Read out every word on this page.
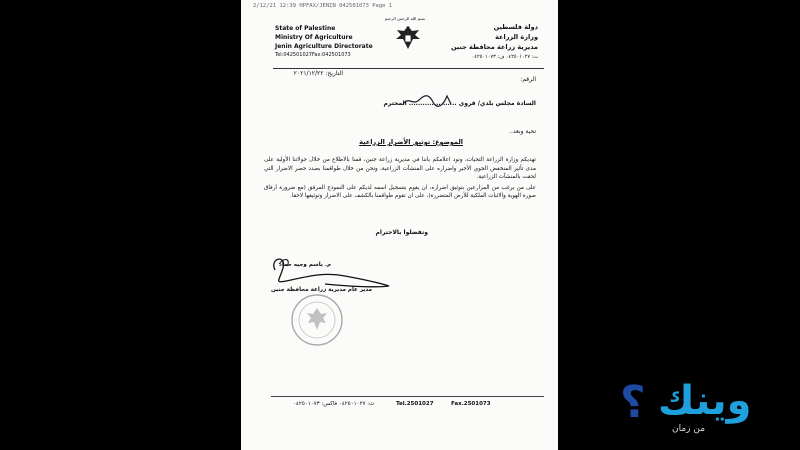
2/12/21 12:39 HPFAX/JENIN 042501073 Page 1
State of Palestine
Ministry Of Agriculture
Jenin Agriculture Directorate
Tel:042501027Fax:042501073
بسم الله الرحمن الرحيم
دولة فلسطين
وزارة الزراعة
مديرية زراعة محافظة جنين
ت: ٠٤٢٥٠١٠٢٧ ف: ٠٤٢٥٠١٠٧٣
الرقم:
التاريخ: ٢٠٢١/١٢/٢٢
السادة مجلس بلدي/ قروي ..................... المحترم
تحية وبعد..
الموضوع: توثيق الأضرار الزراعية

تهديكم وزارة الزراعة التحيات، ونود اعلامكم باننا في مديرية زراعة جنين، قمنا بالاطلاع من خلال جولاتنا الأولية على مدى تأثير المنخفض الجوي الأخير واضراره على المنشآت الزراعية، ونحن من خلال طواقمنا بصدد حصر الاضرار التي لحقت بالمنشآت الزراعية.

على من يرغب من المزارعين بتوثيق اضراره، ان يقوم بتسجيل اسمه لديكم على النموذج المرفق (مع ضرورة ارفاق صورة الهوية والاثبات الملكية للأرض المتضررة)، على ان تقوم طواقمنا بالكشف على الاضرار وتوثيقها لاحقا.

وتفضلوا بالاحترام
م. باسم وجيه حماد
مدير عام مديرية زراعة محافظة جنين
ت: ٠٤٢٥٠١٠٢٧ فاكس: ٠٤٢٥٠١٠٧٣	Tel.2501027	Fax.2501073	؟ وينك
من زمان
